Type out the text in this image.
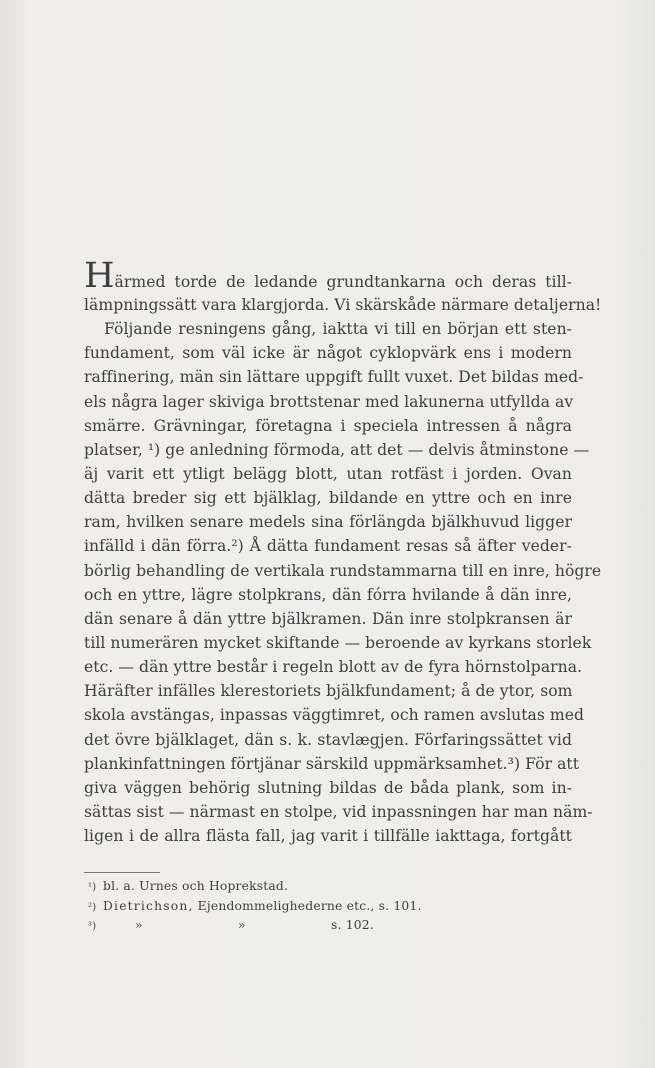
Härmed torde de ledande grundtankarna och deras till-
lämpningssätt vara klargjorda. Vi skärskåde närmare detaljerna!
Följande resningens gång, iaktta vi till en början ett sten-
fundament, som väl icke är något cyklopvärk ens i modern
raffinering, män sin lättare uppgift fullt vuxet. Det bildas med-
els några lager skiviga brottstenar med lakunerna utfyllda av
smärre. Grävningar, företagna i speciela intressen å några
platser, ¹) ge anledning förmoda, att det — delvis åtminstone —
äj varit ett ytligt belägg blott, utan rotfäst i jorden. Ovan
dätta breder sig ett bjälklag, bildande en yttre och en inre
ram, hvilken senare medels sina förlängda bjälkhuvud ligger
infälld i dän förra.²) Å dätta fundament resas så äfter veder-
börlig behandling de vertikala rundstammarna till en inre, högre
och en yttre, lägre stolpkrans, dän fórra hvilande å dän inre,
dän senare å dän yttre bjälkramen. Dän inre stolpkransen är
till numerären mycket skiftande — beroende av kyrkans storlek
etc. — dän yttre består i regeln blott av de fyra hörnstolparna.
Häräfter infälles klerestoriets bjälkfundament; å de ytor, som
skola avstängas, inpassas väggtimret, och ramen avslutas med
det övre bjälklaget, dän s. k. stavlægjen. Förfaringssättet vid
plankinfattningen förtjänar särskild uppmärksamhet.³) För att
giva väggen behörig slutning bildas de båda plank, som in-
sättas sist — närmast en stolpe, vid inpassningen har man näm-
ligen i de allra flästa fall, jag varit i tillfälle iakttaga, fortgått
¹) bl. a. Urnes och Hoprekstad.
²) Dietrichson, Ejendommelighederne etc., s. 101.
³)	»	»	s. 102.
